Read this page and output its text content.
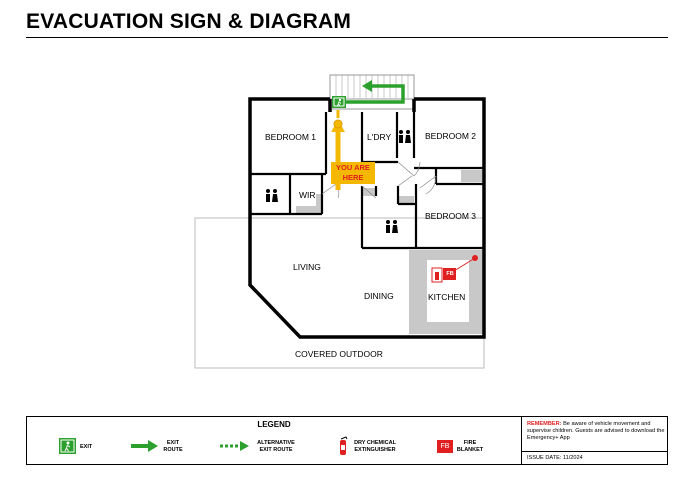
EVACUATION SIGN & DIAGRAM
BEDROOM 1	L'DRY	BEDROOM 2
WIR
BEDROOM 3
LIVING
DINING	KITCHEN
COVERED OUTDOOR
FB
YOU ARE
HERE
LEGEND
EXIT
EXIT
ROUTE
ALTERNATIVE
EXIT ROUTE
DRY CHEMICAL
EXTINGUISHER	FB	FIRE
BLANKET
REMEMBER: Be aware of vehicle movement and supervise children. Guests are advised to download the Emergency+ App
ISSUE DATE: 11/2024
